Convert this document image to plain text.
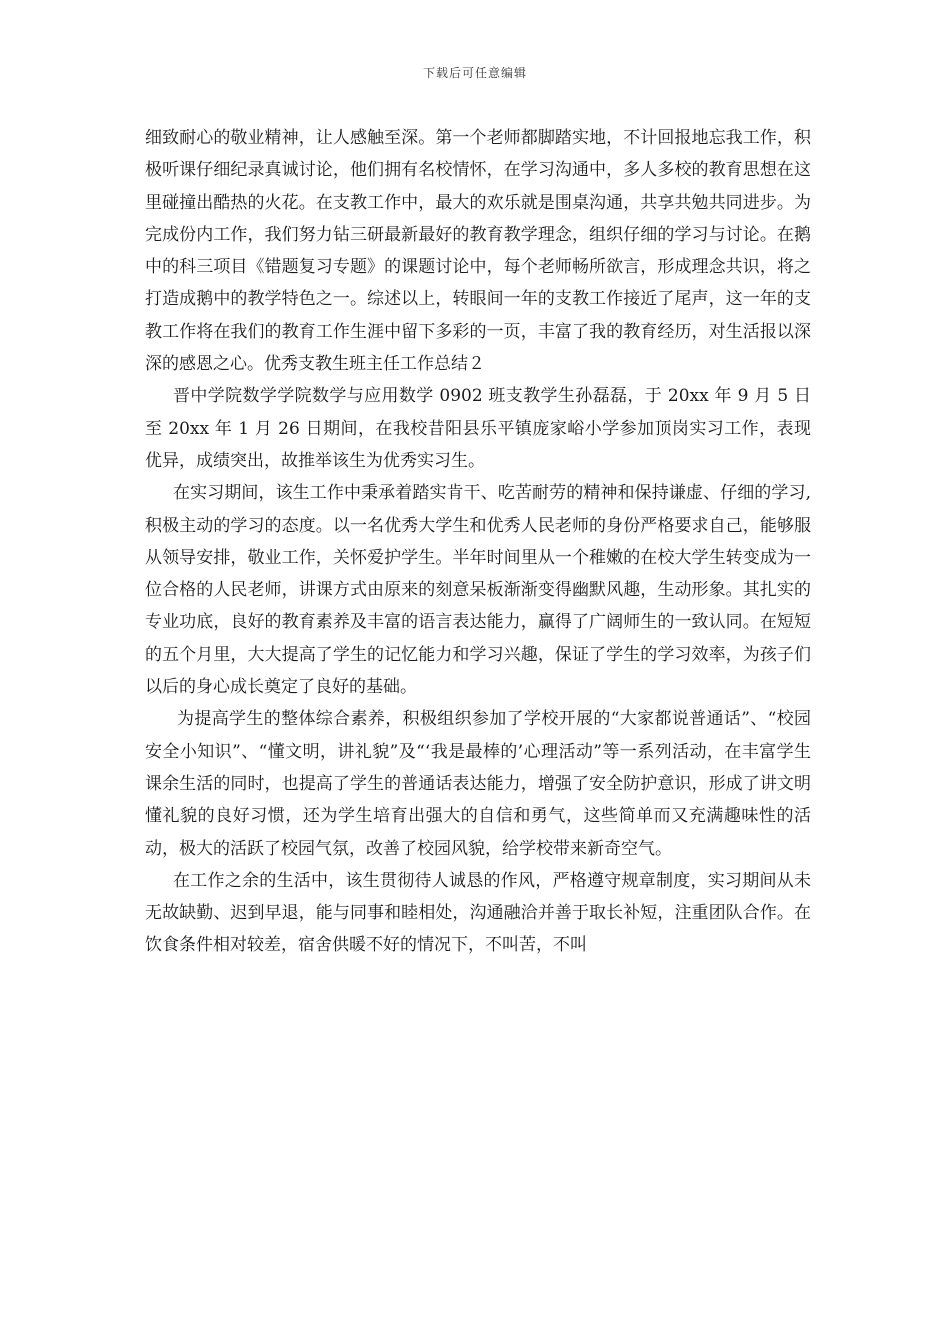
下载后可任意编辑

细致耐心的敬业精神，让人感触至深。第一个老师都脚踏实地，不计回报地忘我工作，积极听课仔细纪录真诚讨论，他们拥有名校情怀，在学习沟通中，多人多校的教育思想在这里碰撞出酷热的火花。在支教工作中，最大的欢乐就是围桌沟通，共享共勉共同进步。为完成份内工作，我们努力钻三研最新最好的教育教学理念，组织仔细的学习与讨论。在鹅中的科三项目《错题复习专题》的课题讨论中，每个老师畅所欲言，形成理念共识，将之打造成鹅中的教学特色之一。综述以上，转眼间一年的支教工作接近了尾声，这一年的支教工作将在我们的教育工作生涯中留下多彩的一页，丰富了我的教育经历，对生活报以深深的感恩之心。优秀支教生班主任工作总结２

晋中学院数学学院数学与应用数学 0902 班支教学生孙磊磊，于 20xx 年 9 月 5 日至 20xx 年 1 月 26 日期间，在我校昔阳县乐平镇庞家峪小学参加顶岗实习工作，表现优异，成绩突出，故推举该生为优秀实习生。

在实习期间，该生工作中秉承着踏实肯干、吃苦耐劳的精神和保持谦虚、仔细的学习,积极主动的学习的态度。以一名优秀大学生和优秀人民老师的身份严格要求自己，能够服从领导安排，敬业工作，关怀爱护学生。半年时间里从一个稚嫩的在校大学生转变成为一位合格的人民老师，讲课方式由原来的刻意呆板渐渐变得幽默风趣，生动形象。其扎实的专业功底，良好的教育素养及丰富的语言表达能力，赢得了广阔师生的一致认同。在短短的五个月里，大大提高了学生的记忆能力和学习兴趣，保证了学生的学习效率，为孩子们以后的身心成长奠定了良好的基础。

为提高学生的整体综合素养，积极组织参加了学校开展的“大家都说普通话”、“校园安全小知识”、“懂文明，讲礼貌”及“‘我是最棒的’心理活动”等一系列活动，在丰富学生课余生活的同时，也提高了学生的普通话表达能力，增强了安全防护意识，形成了讲文明懂礼貌的良好习惯，还为学生培育出强大的自信和勇气，这些简单而又充满趣味性的活动，极大的活跃了校园气氛，改善了校园风貌，给学校带来新奇空气。

在工作之余的生活中，该生贯彻待人诚恳的作风，严格遵守规章制度，实习期间从未无故缺勤、迟到早退，能与同事和睦相处，沟通融洽并善于取长补短，注重团队合作。在饮食条件相对较差，宿舍供暖不好的情况下，不叫苦，不叫
